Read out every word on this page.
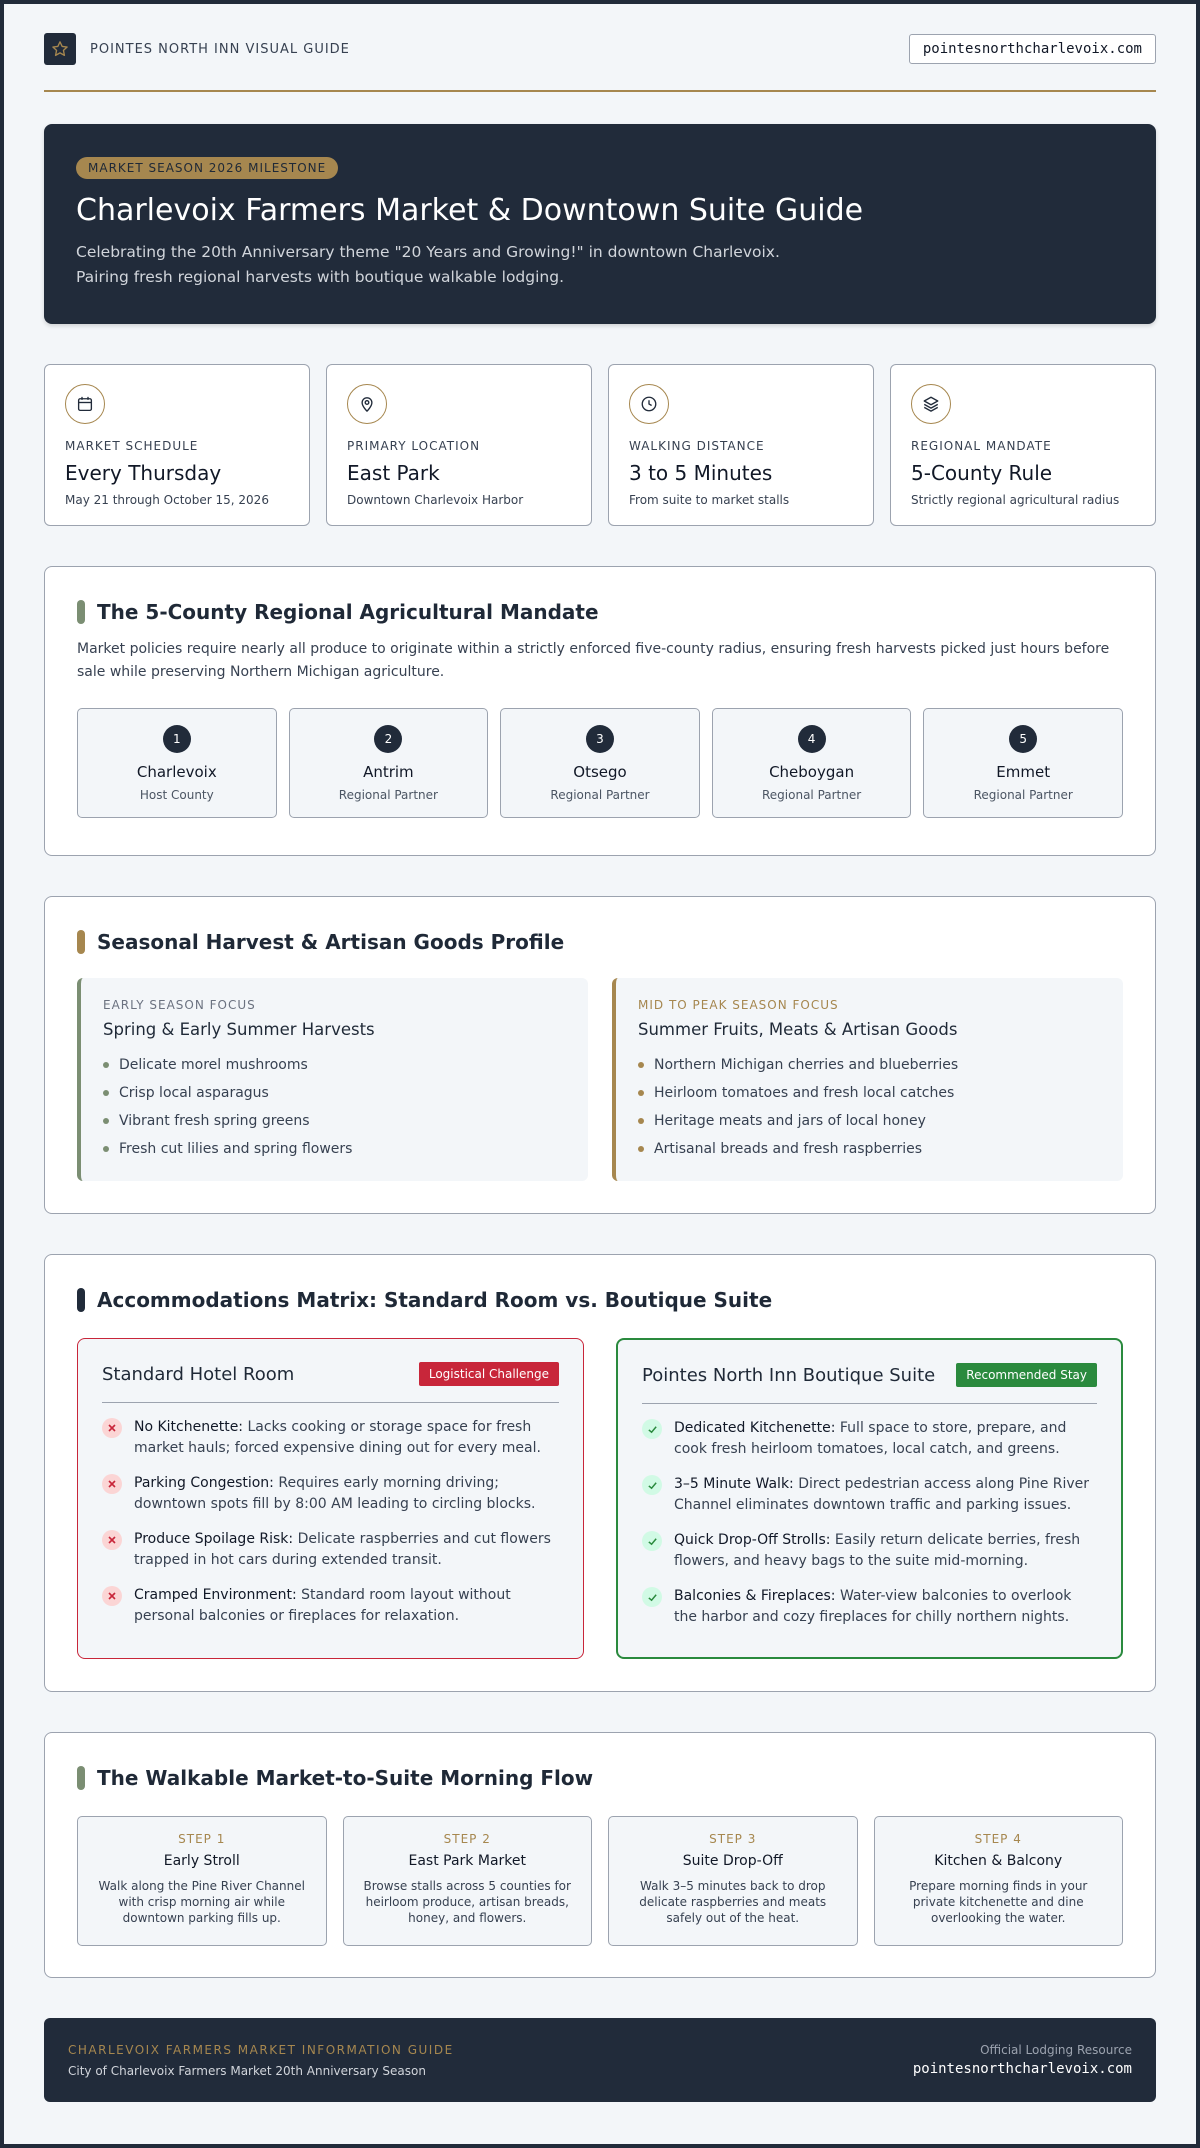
POINTES NORTH INN VISUAL GUIDE	pointesnorthcharlevoix.com
MARKET SEASON 2026 MILESTONE
Charlevoix Farmers Market & Downtown Suite Guide

Celebrating the 20th Anniversary theme "20 Years and Growing!" in downtown Charlevoix.
Pairing fresh regional harvests with boutique walkable lodging.

MARKET SCHEDULE
Every Thursday
May 21 through October 15, 2026
PRIMARY LOCATION
East Park
Downtown Charlevoix Harbor
WALKING DISTANCE
3 to 5 Minutes
From suite to market stalls
REGIONAL MANDATE
5-County Rule
Strictly regional agricultural radius
The 5-County Regional Agricultural Mandate

Market policies require nearly all produce to originate within a strictly enforced five-county radius, ensuring fresh harvests picked just hours before sale while preserving Northern Michigan agriculture.

1
Charlevoix
Host County
2
Antrim
Regional Partner
3
Otsego
Regional Partner
4
Cheboygan
Regional Partner
5
Emmet
Regional Partner
Seasonal Harvest & Artisan Goods Profile
EARLY SEASON FOCUS
Spring & Early Summer Harvests
Delicate morel mushrooms
Crisp local asparagus
Vibrant fresh spring greens
Fresh cut lilies and spring flowers
MID TO PEAK SEASON FOCUS
Summer Fruits, Meats & Artisan Goods
Northern Michigan cherries and blueberries
Heirloom tomatoes and fresh local catches
Heritage meats and jars of local honey
Artisanal breads and fresh raspberries
Accommodations Matrix: Standard Room vs. Boutique Suite
Standard Hotel Room	Logistical Challenge
No Kitchenette: Lacks cooking or storage space for fresh market hauls; forced expensive dining out for every meal.
Parking Congestion: Requires early morning driving; downtown spots fill by 8:00 AM leading to circling blocks.
Produce Spoilage Risk: Delicate raspberries and cut flowers trapped in hot cars during extended transit.
Cramped Environment: Standard room layout without personal balconies or fireplaces for relaxation.
Pointes North Inn Boutique Suite	Recommended Stay
Dedicated Kitchenette: Full space to store, prepare, and cook fresh heirloom tomatoes, local catch, and greens.
3–5 Minute Walk: Direct pedestrian access along Pine River Channel eliminates downtown traffic and parking issues.
Quick Drop-Off Strolls: Easily return delicate berries, fresh flowers, and heavy bags to the suite mid-morning.
Balconies & Fireplaces: Water-view balconies to overlook the harbor and cozy fireplaces for chilly northern nights.
The Walkable Market-to-Suite Morning Flow
STEP 1
Early Stroll
Walk along the Pine River Channel with crisp morning air while downtown parking fills up.
STEP 2
East Park Market
Browse stalls across 5 counties for heirloom produce, artisan breads, honey, and flowers.
STEP 3
Suite Drop-Off
Walk 3–5 minutes back to drop delicate raspberries and meats safely out of the heat.
STEP 4
Kitchen & Balcony
Prepare morning finds in your private kitchenette and dine overlooking the water.
CHARLEVOIX FARMERS MARKET INFORMATION GUIDE
City of Charlevoix Farmers Market 20th Anniversary Season
Official Lodging Resource
pointesnorthcharlevoix.com
